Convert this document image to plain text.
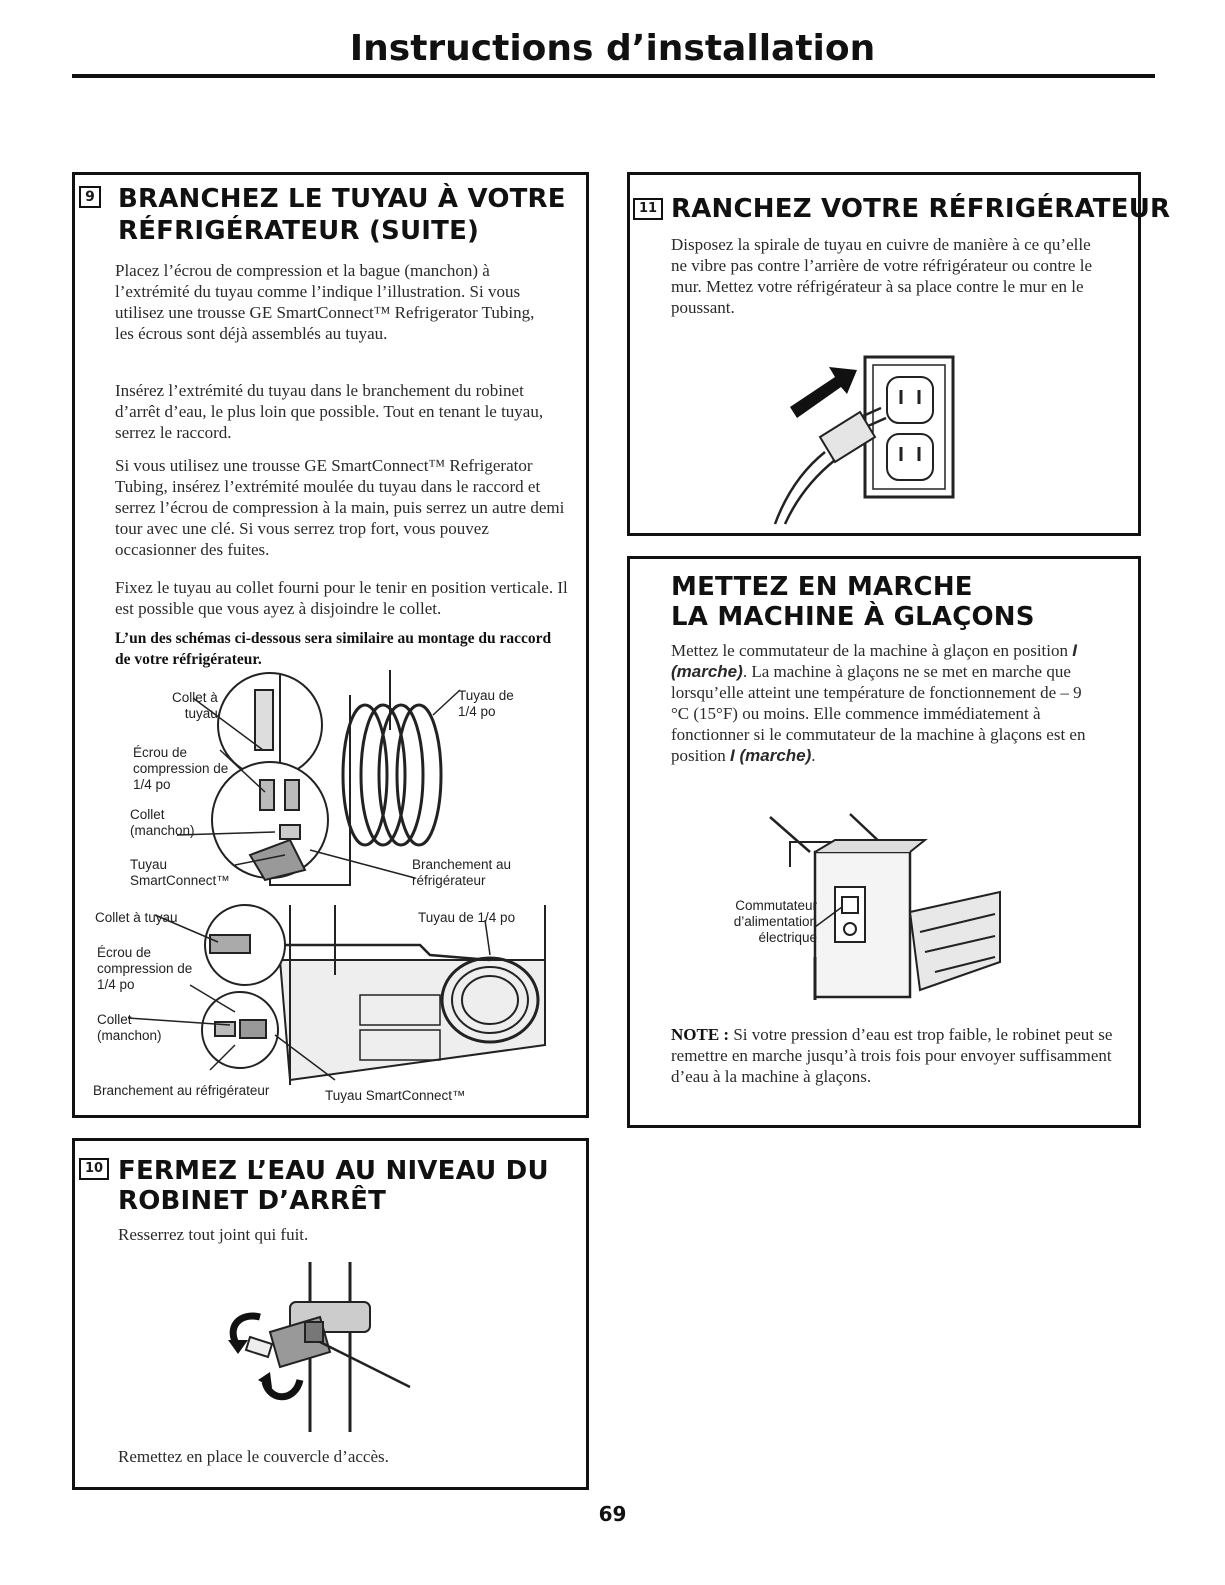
Instructions d’installation
9 BRANCHEZ LE TUYAU À VOTRE
RÉFRIGÉRATEUR (SUITE)

Placez l’écrou de compression et la bague (manchon) à l’extrémité du tuyau comme l’indique l’illustration. Si vous utilisez une trousse GE SmartConnect™ Refrigerator Tubing, les écrous sont déjà assemblés au tuyau.

Insérez l’extrémité du tuyau dans le branchement du robinet d’arrêt d’eau, le plus loin que possible. Tout en tenant le tuyau, serrez le raccord.

Si vous utilisez une trousse GE SmartConnect™ Refrigerator Tubing, insérez l’extrémité moulée du tuyau dans le raccord et serrez l’écrou de compression à la main, puis serrez un autre demi tour avec une clé. Si vous serrez trop fort, vous pouvez occasionner des fuites.

Fixez le tuyau au collet fourni pour le tenir en position verticale. Il est possible que vous ayez à disjoindre le collet.

L’un des schémas ci-dessous sera similaire au montage du raccord de votre réfrigérateur.

Collet à
tuyau
Tuyau de
1/4 po
Écrou de
compression de
1/4 po
Collet
(manchon)
Tuyau
SmartConnect™
Branchement au
réfrigérateur
Collet à tuyau	Tuyau de 1/4 po
Écrou de
compression de
1/4 po
Collet
(manchon)
Branchement au réfrigérateur	Tuyau SmartConnect™
10 FERMEZ L’EAU AU NIVEAU DU
ROBINET D’ARRÊT

Resserrez tout joint qui fuit.

Remettez en place le couvercle d’accès.

11 RANCHEZ VOTRE RÉFRIGÉRATEUR

Disposez la spirale de tuyau en cuivre de manière à ce qu’elle ne vibre pas contre l’arrière de votre réfrigérateur ou contre le mur. Mettez votre réfrigérateur à sa place contre le mur en le poussant.

METTEZ EN MARCHE
LA MACHINE À GLAÇONS

Mettez le commutateur de la machine à glaçon en position I (marche). La machine à glaçons ne se met en marche que lorsqu’elle atteint une température de fonctionnement de – 9 °C (15°F) ou moins. Elle commence immédiatement à fonctionner si le commutateur de la machine à glaçons est en position I (marche).

Commutateur
d’alimentation
électrique

NOTE : Si votre pression d’eau est trop faible, le robinet peut se remettre en marche jusqu’à trois fois pour envoyer suffisamment d’eau à la machine à glaçons.

69
